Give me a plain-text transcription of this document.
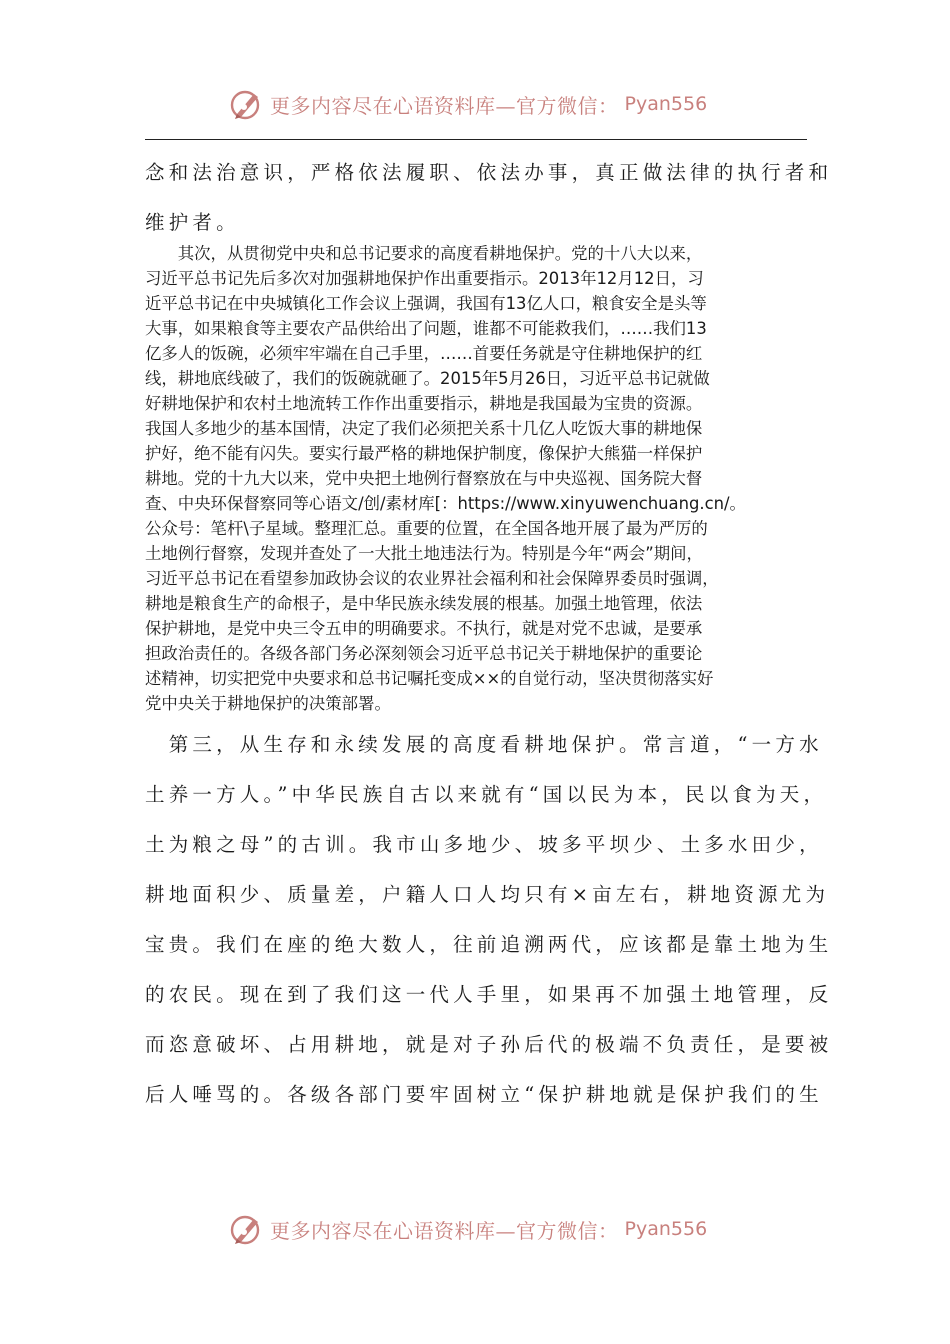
更多内容尽在心语资料库—官方微信： Pyan556

念和法治意识，严格依法履职、依法办事，真正做法律的执行者和

维护者。

　　其次，从贯彻党中央和总书记要求的高度看耕地保护。党的十八大以来，
习近平总书记先后多次对加强耕地保护作出重要指示。2013年12月12日，习
近平总书记在中央城镇化工作会议上强调，我国有13亿人口，粮食安全是头等
大事，如果粮食等主要农产品供给出了问题，谁都不可能救我们，……我们13
亿多人的饭碗，必须牢牢端在自己手里，……首要任务就是守住耕地保护的红
线，耕地底线破了，我们的饭碗就砸了。2015年5月26日，习近平总书记就做
好耕地保护和农村土地流转工作作出重要指示，耕地是我国最为宝贵的资源。
我国人多地少的基本国情，决定了我们必须把关系十几亿人吃饭大事的耕地保
护好，绝不能有闪失。要实行最严格的耕地保护制度，像保护大熊猫一样保护
耕地。党的十九大以来，党中央把土地例行督察放在与中央巡视、国务院大督
查、中央环保督察同等心语文/创/素材库[：https://www.xinyuwenchuang.cn/。
公众号：笔杆\子星域。整理汇总。重要的位置，在全国各地开展了最为严厉的
土地例行督察，发现并查处了一大批土地违法行为。特别是今年“两会”期间，
习近平总书记在看望参加政协会议的农业界社会福利和社会保障界委员时强调，
耕地是粮食生产的命根子，是中华民族永续发展的根基。加强土地管理，依法
保护耕地，是党中央三令五申的明确要求。不执行，就是对党不忠诚，是要承
担政治责任的。各级各部门务必深刻领会习近平总书记关于耕地保护的重要论
述精神，切实把党中央要求和总书记嘱托变成××的自觉行动，坚决贯彻落实好
党中央关于耕地保护的决策部署。

　第三，从生存和永续发展的高度看耕地保护。常言道，“一方水

土养一方人。”中华民族自古以来就有“国以民为本，民以食为天，

土为粮之母”的古训。我市山多地少、坡多平坝少、土多水田少，

耕地面积少、质量差，户籍人口人均只有×亩左右，耕地资源尤为

宝贵。我们在座的绝大数人，往前追溯两代，应该都是靠土地为生

的农民。现在到了我们这一代人手里，如果再不加强土地管理，反

而恣意破坏、占用耕地，就是对子孙后代的极端不负责任，是要被

后人唾骂的。各级各部门要牢固树立“保护耕地就是保护我们的生

更多内容尽在心语资料库—官方微信： Pyan556
